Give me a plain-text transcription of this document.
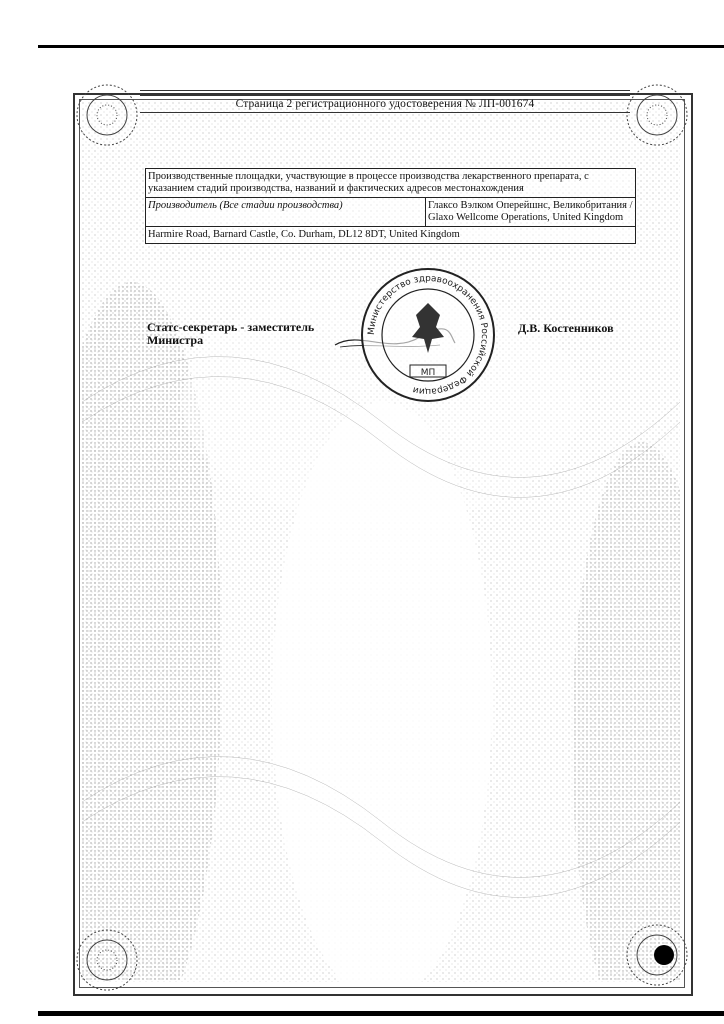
Страница 2 регистрационного удостоверения № ЛП-001674
Производственные площадки, участвующие в процессе производства лекарственного препарата, с указанием стадий производства, названий и фактических адресов местонахождения
Производитель (Все стадии производства)	Глаксо Вэлком Оперейшнс, Великобритания / Glaxo Wellcome Operations, United Kingdom
Harmire Road, Barnard Castle, Co. Durham, DL12 8DT, United Kingdom
Статс-секретарь - заместитель
Министра
Д.В. Костенников
Министерство здравоохранения Российской Федерации
МП
